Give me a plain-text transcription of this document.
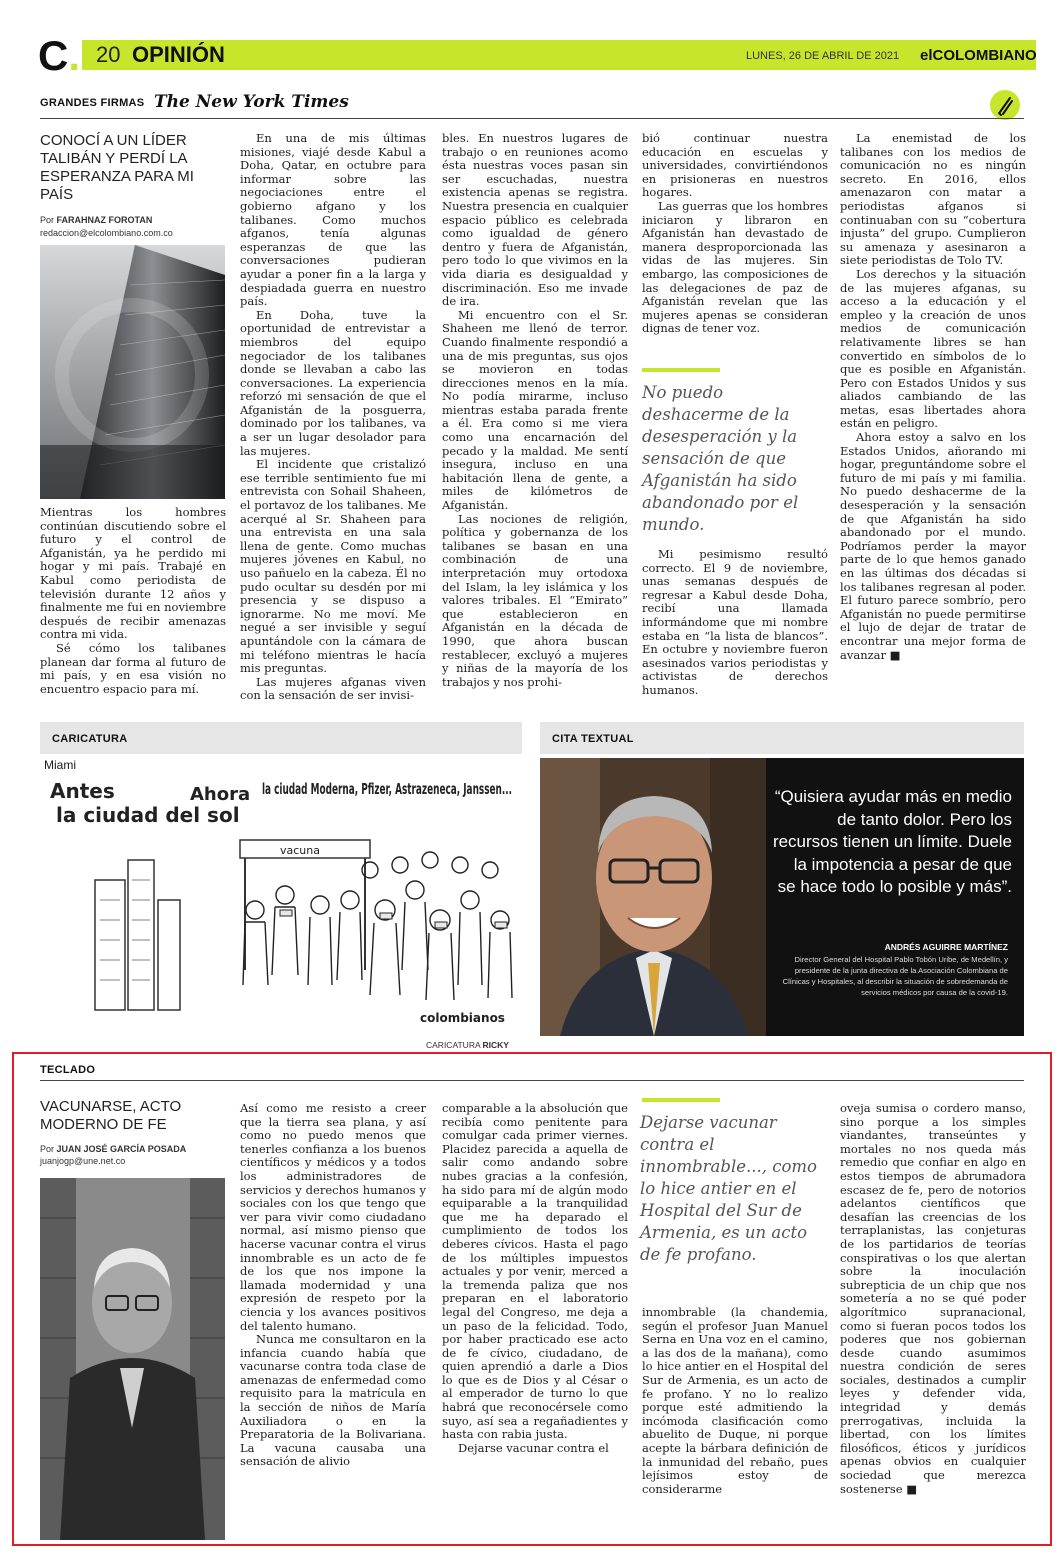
C. 20 OPINIÓN	LUNES, 26 DE ABRIL DE 2021 elCOLOMBIANO
GRANDES FIRMAS The New York Times
CONOCÍ A UN LÍDER TALIBÁN Y PERDÍ LA ESPERANZA PARA MI PAÍS
Por FARAHNAZ FOROTAN
redaccion@elcolombiano.com.co

Mientras los hombres continúan discutiendo sobre el futuro y el control de Afganistán, ya he perdido mi hogar y mi país. Trabajé en Kabul como periodista de televisión durante 12 años y finalmente me fui en noviembre después de recibir amenazas contra mi vida.

Sé cómo los talibanes planean dar forma al futuro de mi país, y en esa visión no encuentro espacio para mí.

En una de mis últimas misiones, viajé desde Kabul a Doha, Qatar, en octubre para informar sobre las negociaciones entre el gobierno afgano y los talibanes. Como muchos afganos, tenía algunas esperanzas de que las conversaciones pudieran ayudar a poner fin a la larga y despiadada guerra en nuestro país.

En Doha, tuve la oportunidad de entrevistar a miembros del equipo negociador de los talibanes donde se llevaban a cabo las conversaciones. La experiencia reforzó mi sensación de que el Afganistán de la posguerra, dominado por los talibanes, va a ser un lugar desolador para las mujeres.

El incidente que cristalizó ese terrible sentimiento fue mi entrevista con Sohail Shaheen, el portavoz de los talibanes. Me acerqué al Sr. Shaheen para una entrevista en una sala llena de gente. Como muchas mujeres jóvenes en Kabul, no uso pañuelo en la cabeza. Él no pudo ocultar su desdén por mi presencia y se dispuso a ignorarme. No me moví. Me negué a ser invisible y seguí apuntándole con la cámara de mi teléfono mientras le hacía mis preguntas.

Las mujeres afganas viven con la sensación de ser invisi-

bles. En nuestros lugares de trabajo o en reuniones acomo ésta nuestras voces pasan sin ser escuchadas, nuestra existencia apenas se registra. Nuestra presencia en cualquier espacio público es celebrada como igualdad de género dentro y fuera de Afganistán, pero todo lo que vivimos en la vida diaria es desigualdad y discriminación. Eso me invade de ira.

Mi encuentro con el Sr. Shaheen me llenó de terror. Cuando finalmente respondió a una de mis preguntas, sus ojos se movieron en todas direcciones menos en la mía. No podía mirarme, incluso mientras estaba parada frente a él. Era como si me viera como una encarnación del pecado y la maldad. Me sentí insegura, incluso en una habitación llena de gente, a miles de kilómetros de Afganistán.

Las nociones de religión, política y gobernanza de los talibanes se basan en una combinación de una interpretación muy ortodoxa del Islam, la ley islámica y los valores tribales. El “Emirato” que establecieron en Afganistán en la década de 1990, que ahora buscan restablecer, excluyó a mujeres y niñas de la mayoría de los trabajos y nos prohi-

bió continuar nuestra educación en escuelas y universidades, convirtiéndonos en prisioneras en nuestros hogares.

Las guerras que los hombres iniciaron y libraron en Afganistán han devastado de manera desproporcionada las vidas de las mujeres. Sin embargo, las composiciones de las delegaciones de paz de Afganistán revelan que las mujeres apenas se consideran dignas de tener voz.

No puedo deshacerme de la desesperación y la sensación de que Afganistán ha sido abandonado por el mundo.

Mi pesimismo resultó correcto. El 9 de noviembre, unas semanas después de regresar a Kabul desde Doha, recibí una llamada informándome que mi nombre estaba en “la lista de blancos”. En octubre y noviembre fueron asesinados varios periodistas y activistas de derechos humanos.

La enemistad de los talibanes con los medios de comunicación no es ningún secreto. En 2016, ellos amenazaron con matar a periodistas afganos si continuaban con su “cobertura injusta” del grupo. Cumplieron su amenaza y asesinaron a siete periodistas de Tolo TV.

Los derechos y la situación de las mujeres afganas, su acceso a la educación y el empleo y la creación de unos medios de comunicación relativamente libres se han convertido en símbolos de lo que es posible en Afganistán. Pero con Estados Unidos y sus aliados cambiando de las metas, esas libertades ahora están en peligro.

Ahora estoy a salvo en los Estados Unidos, añorando mi hogar, preguntándome sobre el futuro de mi país y mi familia. No puedo deshacerme de la desesperación y la sensación de que Afganistán ha sido abandonado por el mundo. Podríamos perder la mayor parte de lo que hemos ganado en las últimas dos décadas si los talibanes regresan al poder. El futuro parece sombrío, pero Afganistán no puede permitirse el lujo de dejar de tratar de encontrar una mejor forma de avanzar ■

CARICATURA
Miami
Antes
la ciudad del sol
Ahora la ciudad Moderna, Pfizer, Astrazeneca, Janssen...
vacuna
colombianos
CARICATURA RICKY
CITA TEXTUAL
“Quisiera ayudar más en medio de tanto dolor. Pero los recursos tienen un límite. Duele la impotencia a pesar de que se hace todo lo posible y más”.
ANDRÉS AGUIRRE MARTÍNEZ
Director General del Hospital Pablo Tobón Uribe, de Medellín, y presidente de la junta directiva de la Asociación Colombiana de Clínicas y Hospitales, al describir la situación de sobredemanda de servicios médicos por causa de la covid-19.
TECLADO
VACUNARSE, ACTO MODERNO DE FE
Por JUAN JOSÉ GARCÍA POSADA
juanjogp@une.net.co

Así como me resisto a creer que la tierra sea plana, y así como no puedo menos que tenerles confianza a los buenos científicos y médicos y a todos los administradores de servicios y derechos humanos y sociales con los que tengo que ver para vivir como ciudadano normal, así mismo pienso que hacerse vacunar contra el virus innombrable es un acto de fe de los que nos impone la llamada modernidad y una expresión de respeto por la ciencia y los avances positivos del talento humano.

Nunca me consultaron en la infancia cuando había que vacunarse contra toda clase de amenazas de enfermedad como requisito para la matrícula en la sección de niños de María Auxiliadora o en la Preparatoria de la Bolivariana. La vacuna causaba una sensación de alivio

comparable a la absolución que recibía como penitente para comulgar cada primer viernes. Placidez parecida a aquella de salir como andando sobre nubes gracias a la confesión, ha sido para mí de algún modo equiparable a la tranquilidad que me ha deparado el cumplimiento de todos los deberes cívicos. Hasta el pago de los múltiples impuestos actuales y por venir, merced a la tremenda paliza que nos preparan en el laboratorio legal del Congreso, me deja a un paso de la felicidad. Todo, por haber practicado ese acto de fe cívico, ciudadano, de quien aprendió a darle a Dios lo que es de Dios y al César o al emperador de turno lo que habrá que reconocérsele como suyo, así sea a regañadientes y hasta con rabia justa.

Dejarse vacunar contra el

Dejarse vacunar contra el innombrable..., como lo hice antier en el Hospital del Sur de Armenia, es un acto de fe profano.

innombrable (la chandemia, según el profesor Juan Manuel Serna en Una voz en el camino, a las dos de la mañana), como lo hice antier en el Hospital del Sur de Armenia, es un acto de fe profano. Y no lo realizo porque esté admitiendo la incómoda clasificación como abuelito de Duque, ni porque acepte la bárbara definición de la inmunidad del rebaño, pues lejísimos estoy de considerarme

oveja sumisa o cordero manso, sino porque a los simples viandantes, transeúntes y mortales no nos queda más remedio que confiar en algo en estos tiempos de abrumadora escasez de fe, pero de notorios adelantos científicos que desafían las creencias de los terraplanistas, las conjeturas de los partidarios de teorías conspirativas o los que alertan sobre la inoculación subrepticia de un chip que nos sometería a no se qué poder algorítmico supranacional, como si fueran pocos todos los poderes que nos gobiernan desde cuando asumimos nuestra condición de seres sociales, destinados a cumplir leyes y defender vida, integridad y demás prerrogativas, incluida la libertad, con los límites filosóficos, éticos y jurídicos apenas obvios en cualquier sociedad que merezca sostenerse ■
